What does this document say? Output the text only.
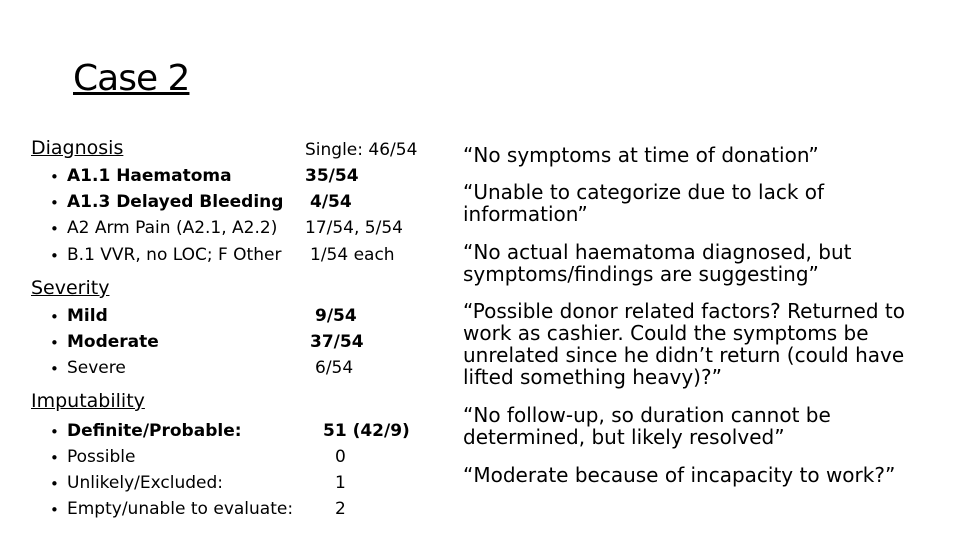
Case 2
Diagnosis	Single: 46/54
• A1.1 Haematoma	35/54
• A1.3 Delayed Bleeding 4/54
• A2 Arm Pain (A2.1, A2.2) 17/54, 5/54
• B.1 VVR, no LOC; F Other 1/54 each
Severity
• Mild	9/54
• Moderate	37/54
• Severe	6/54
Imputability
• Definite/Probable:	51 (42/9)
• Possible	0
• Unlikely/Excluded:	1
• Empty/unable to evaluate: 2
“No symptoms at time of donation”
“Unable to categorize due to lack of information”
“No actual haematoma diagnosed, but symptoms/findings are suggesting”
“Possible donor related factors? Returned to work as cashier. Could the symptoms be unrelated since he didn’t return (could have lifted something heavy)?”
“No follow-up, so duration cannot be determined, but likely resolved”
“Moderate because of incapacity to work?”
